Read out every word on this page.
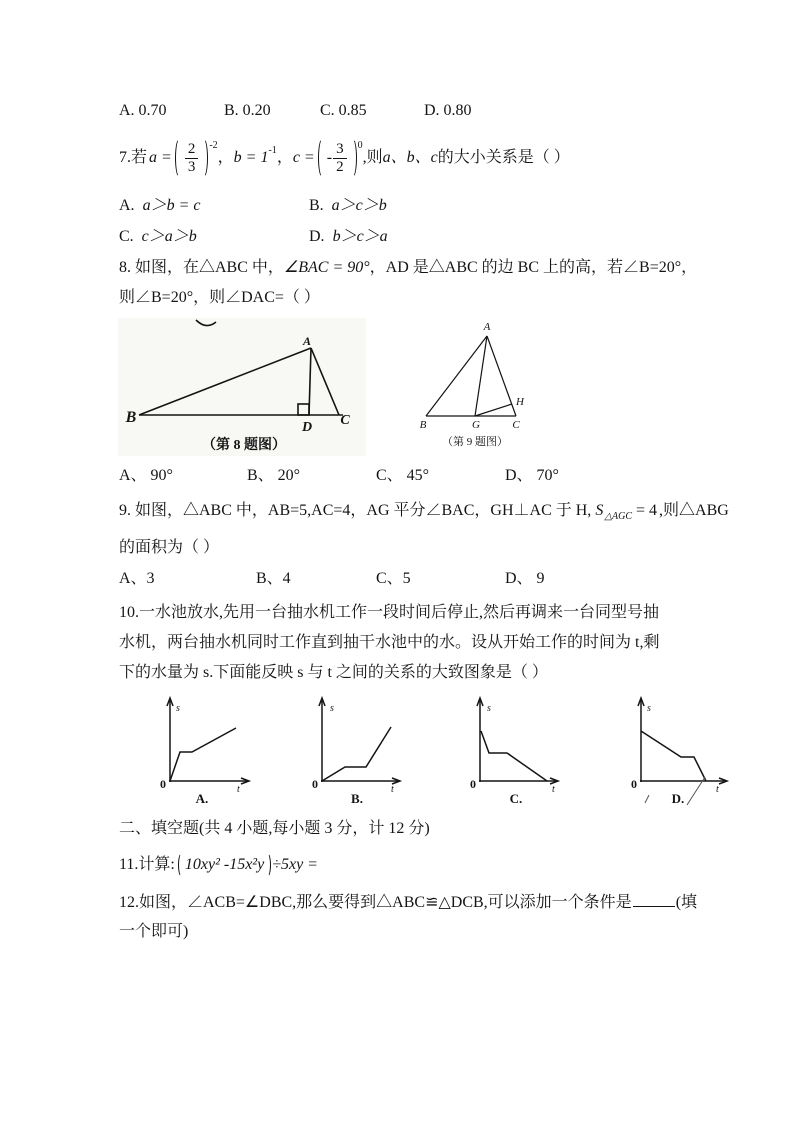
A. 0.70	B. 0.20	C. 0.85	D. 0.80
7.若 $a = \frac{2}{3} -2$
， b = 1 -1 ， c = - $\frac{3}{2} 0$
,则 a、b、c 的大小关系是（ ）
A. a＞b = c	B. a＞c＞b
C. c＞a＞b	D. b＞c＞a
8. 如图，在△ABC 中，∠BAC = 90°，AD 是△ABC 的边 BC 上的高，若∠B=20°，
则∠B=20°，则∠DAC=（ ）
A
B
D C
（第 8 题图）
A
B	G	C
H
（第 9 题图）
A、 90°	B、 20°	C、 45°	D、 70°
9. 如图，△ABC 中，AB=5,AC=4，AG 平分∠BAC，GH⊥AC 于 H, $S_{\triangle AGC} = 4$ ,则△ABG
的面积为（ ）
A、3	B、4	C、5	D、 9
10.一水池放水,先用一台抽水机工作一段时间后停止,然后再调来一台同型号抽
水机，两台抽水机同时工作直到抽干水池中的水。设从开始工作的时间为 t,剩
下的水量为 s.下面能反映 s 与 t 之间的关系的大致图象是（ ）
s
0	t
A.
s
0	t
B.
s
0	t
C.
s
0	t
D.
二、填空题(共 4 小题,每小题 3 分，计 12 分)
11.计算: 10xy² -15x²y ÷5xy =
12.如图，∠ACB=∠DBC,那么要得到△ABC≌△DCB,可以添加一个条件是	(填
一个即可)
